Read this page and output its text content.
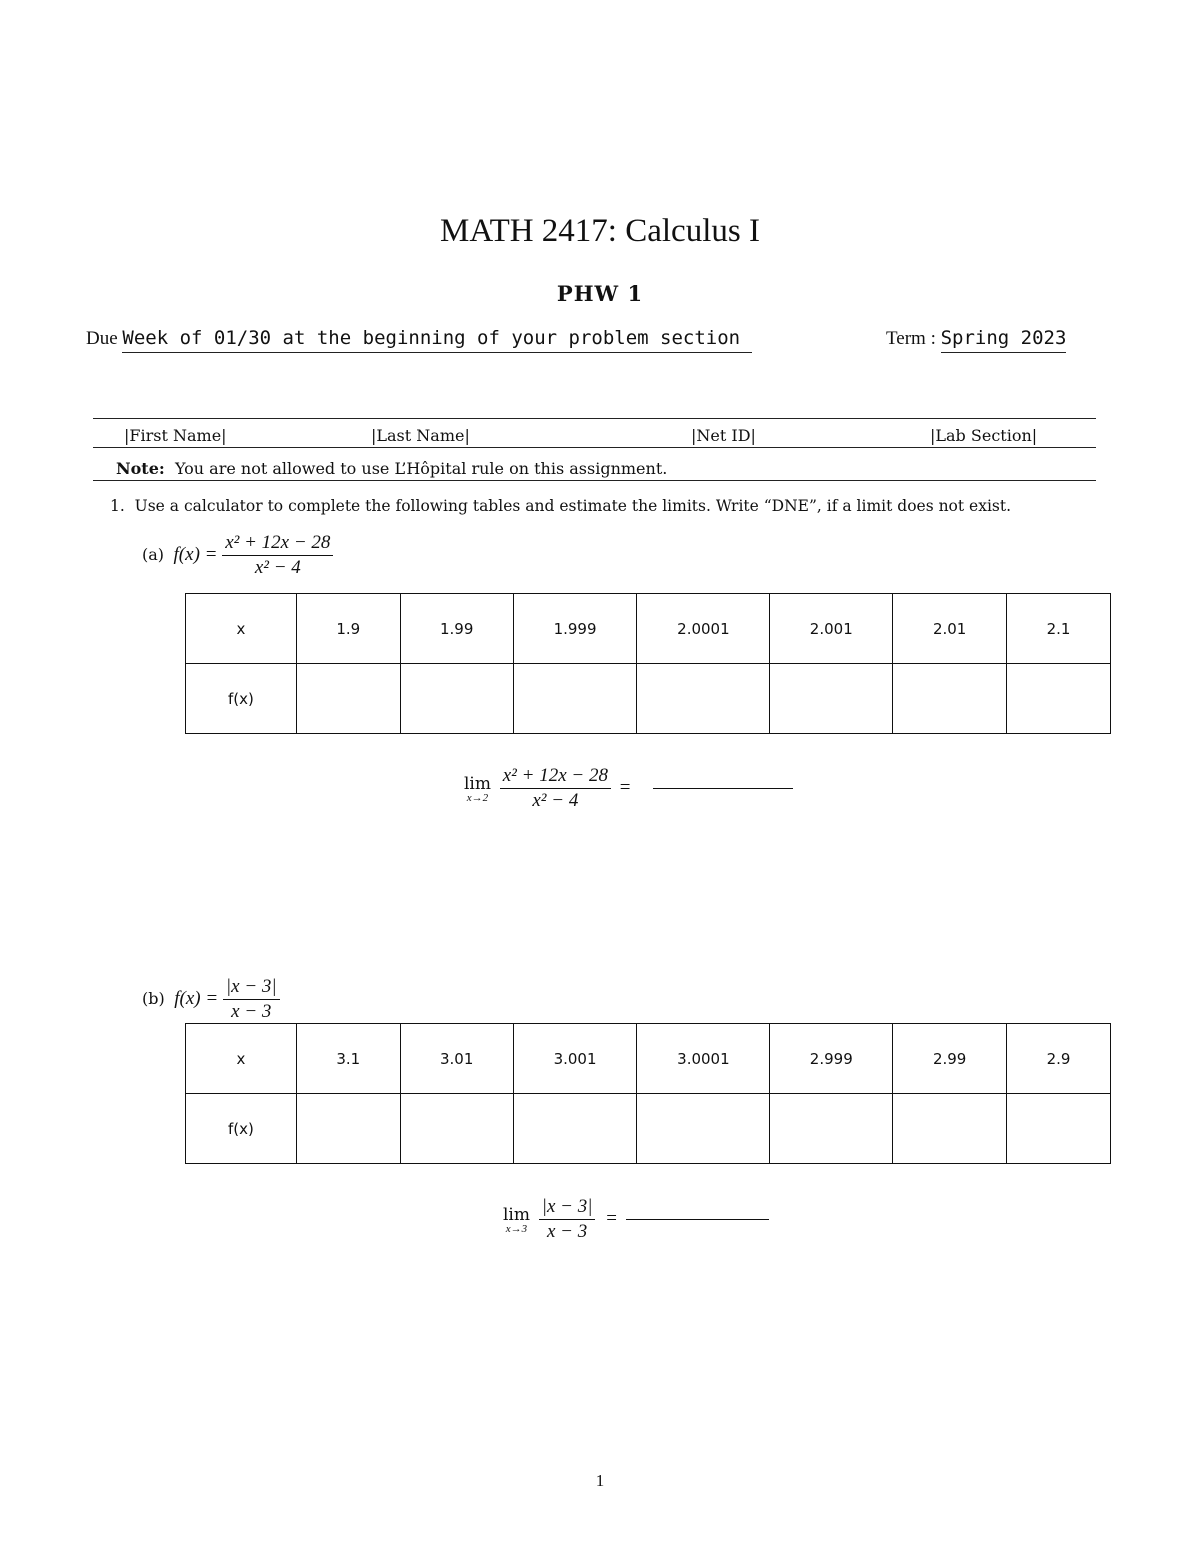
MATH 2417: Calculus I
PHW 1
Due Week of 01/30 at the beginning of your problem section	Term : Spring 2023
|First Name|	|Last Name|	|Net ID|	|Lab Section|
Note: You are not allowed to use L’Hôpital rule on this assignment.
1. Use a calculator to complete the following tables and estimate the limits. Write “DNE”, if a limit does not exist.
(a) $f(x) = \frac{\text{x² + 12x − 28}}{\text{x² − 4}}$
x	1.9	1.99	1.999	2.0001	2.001	2.01	2.1
f(x)							
lim
x→2
$\frac{\text{x² + 12x − 28}}{\text{x² − 4}}$ =
(b) $f(x) = \frac{|x - 3|}{x - 3}$
x	3.1	3.01	3.001	3.0001	2.999	2.99	2.9
f(x)							
lim
x→3
$\frac{|x - 3|}{x - 3}$ =
1
